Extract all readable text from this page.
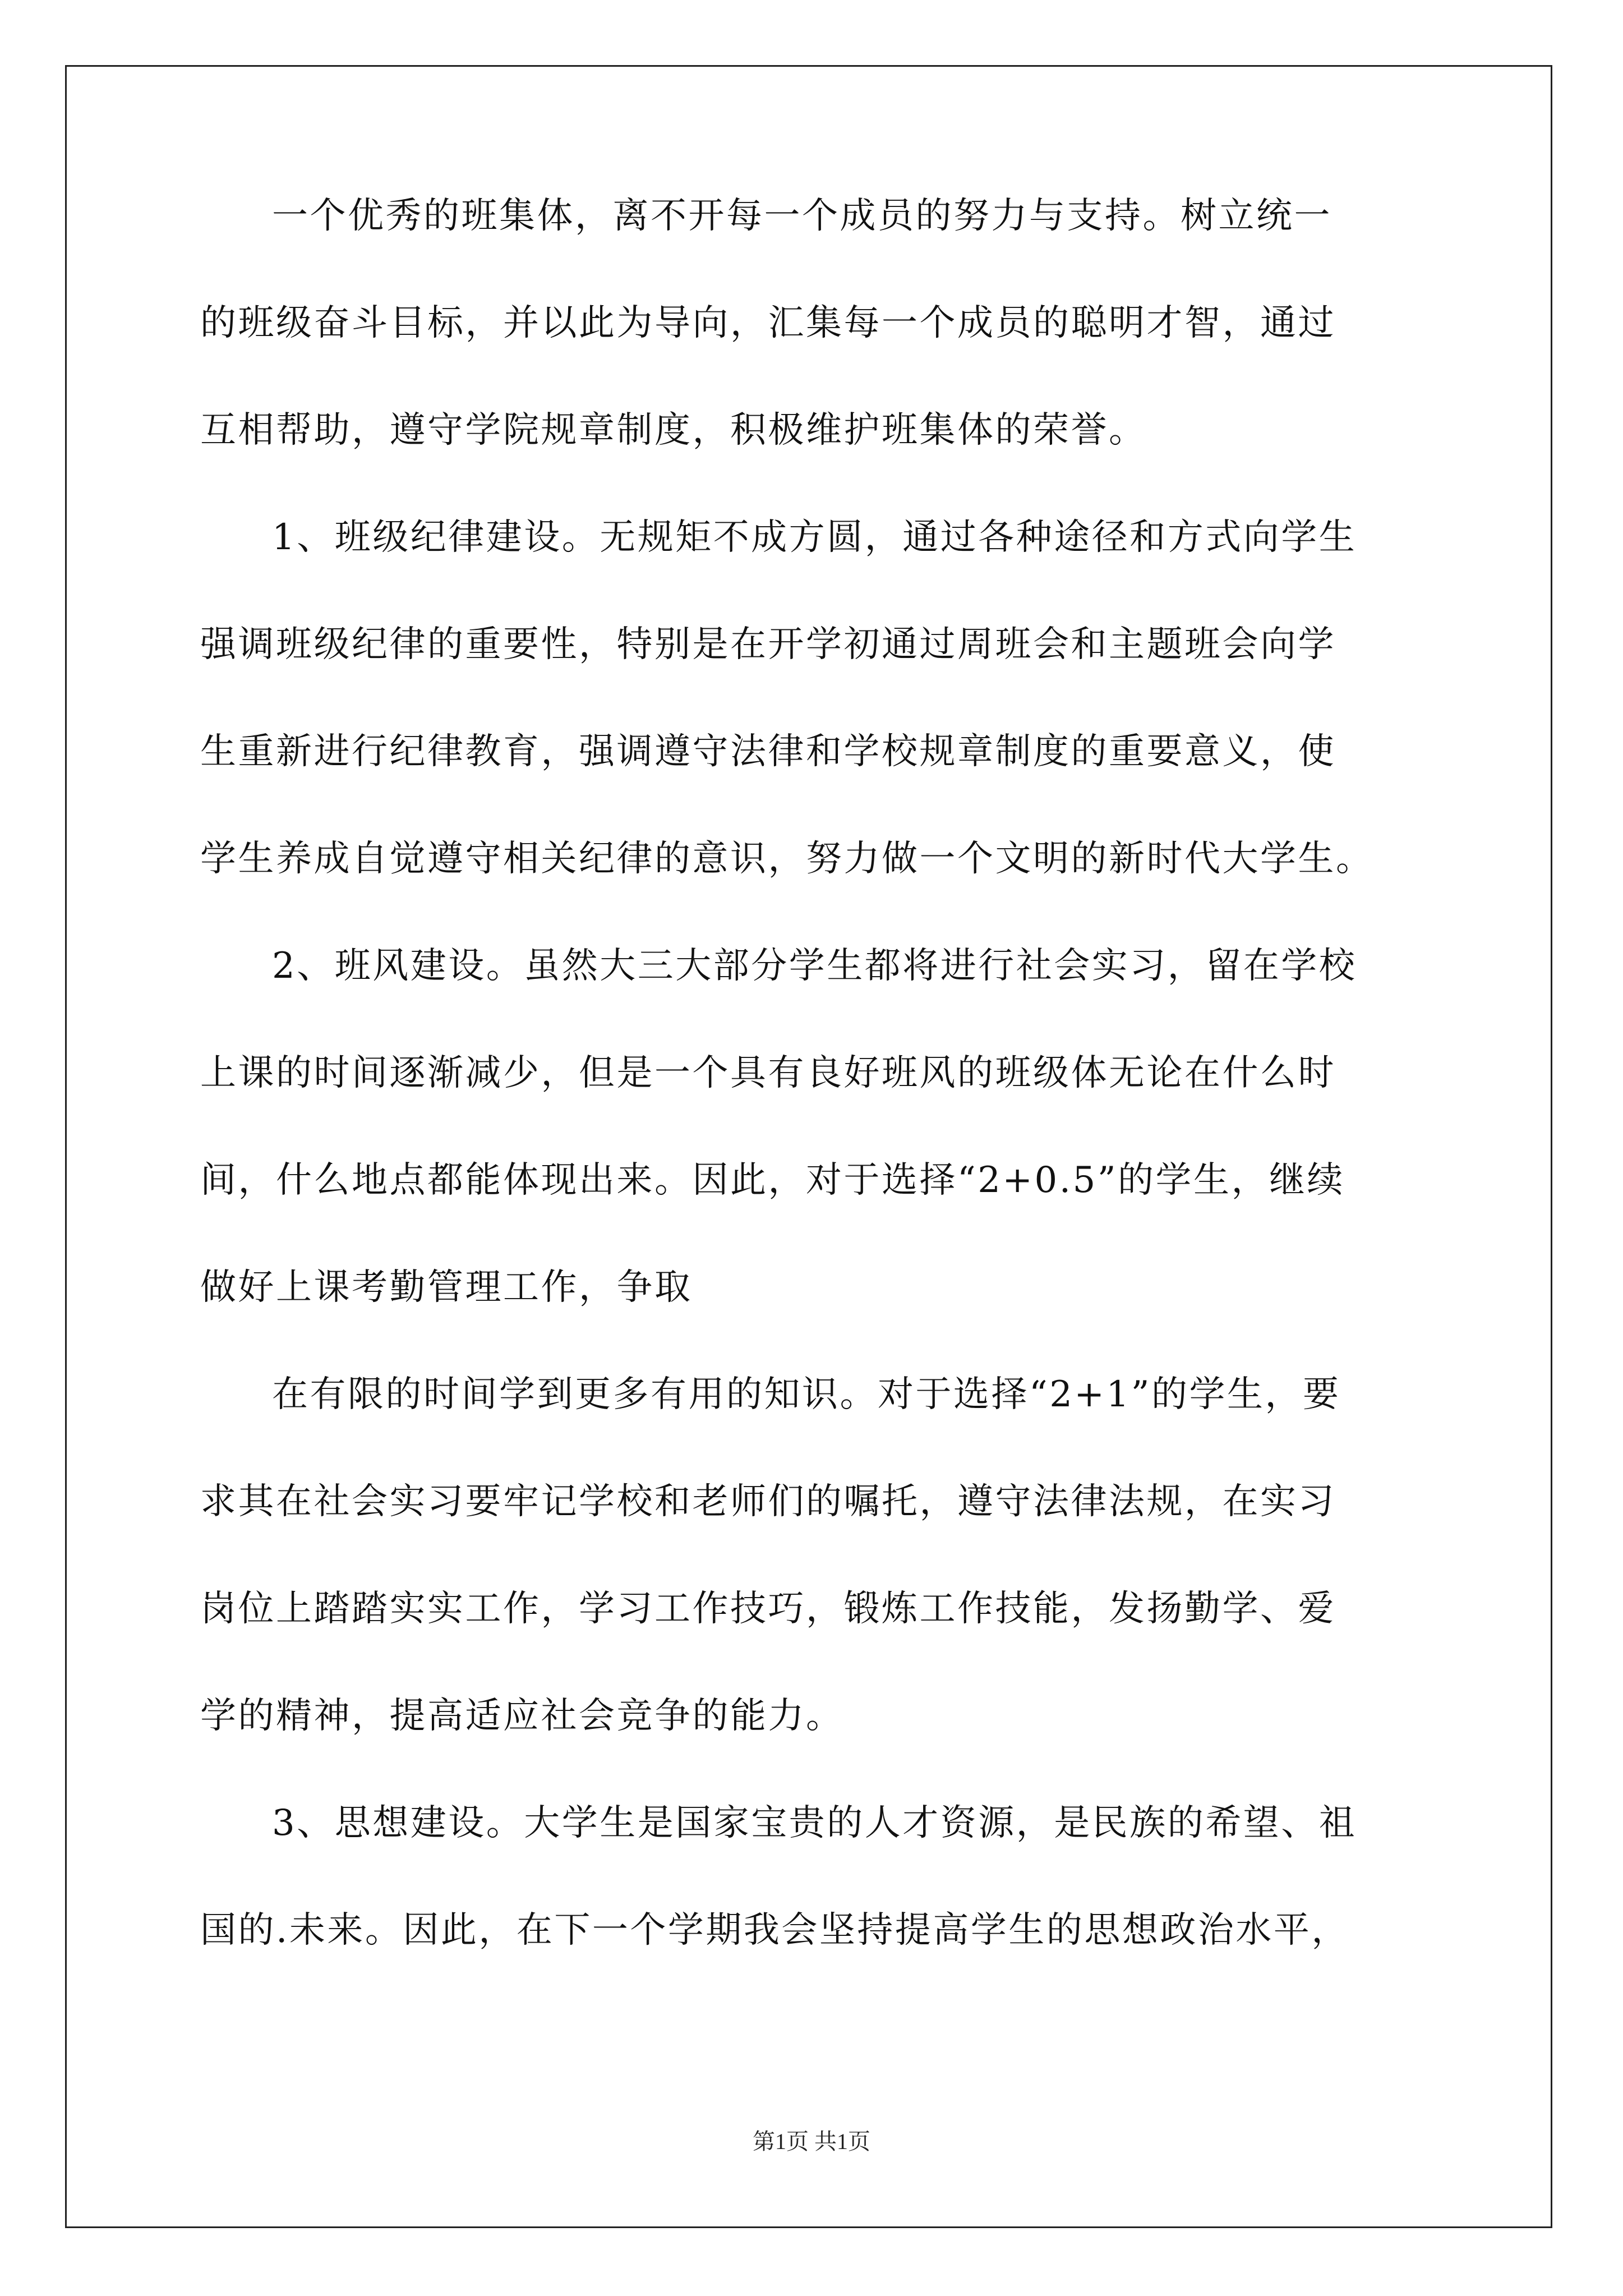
一个优秀的班集体，离不开每一个成员的努力与支持。树立统一
的班级奋斗目标，并以此为导向，汇集每一个成员的聪明才智，通过
互相帮助，遵守学院规章制度，积极维护班集体的荣誉。
1、班级纪律建设。无规矩不成方圆，通过各种途径和方式向学生
强调班级纪律的重要性，特别是在开学初通过周班会和主题班会向学
生重新进行纪律教育，强调遵守法律和学校规章制度的重要意义，使
学生养成自觉遵守相关纪律的意识，努力做一个文明的新时代大学生。
2、班风建设。虽然大三大部分学生都将进行社会实习，留在学校
上课的时间逐渐减少，但是一个具有良好班风的班级体无论在什么时
间，什么地点都能体现出来。因此，对于选择“2+0.5”的学生，继续
做好上课考勤管理工作，争取
在有限的时间学到更多有用的知识。对于选择“2+1”的学生，要
求其在社会实习要牢记学校和老师们的嘱托，遵守法律法规，在实习
岗位上踏踏实实工作，学习工作技巧，锻炼工作技能，发扬勤学、爱
学的精神，提高适应社会竞争的能力。
3、思想建设。大学生是国家宝贵的人才资源，是民族的希望、祖
国的.未来。因此，在下一个学期我会坚持提高学生的思想政治水平，
第1页 共1页
